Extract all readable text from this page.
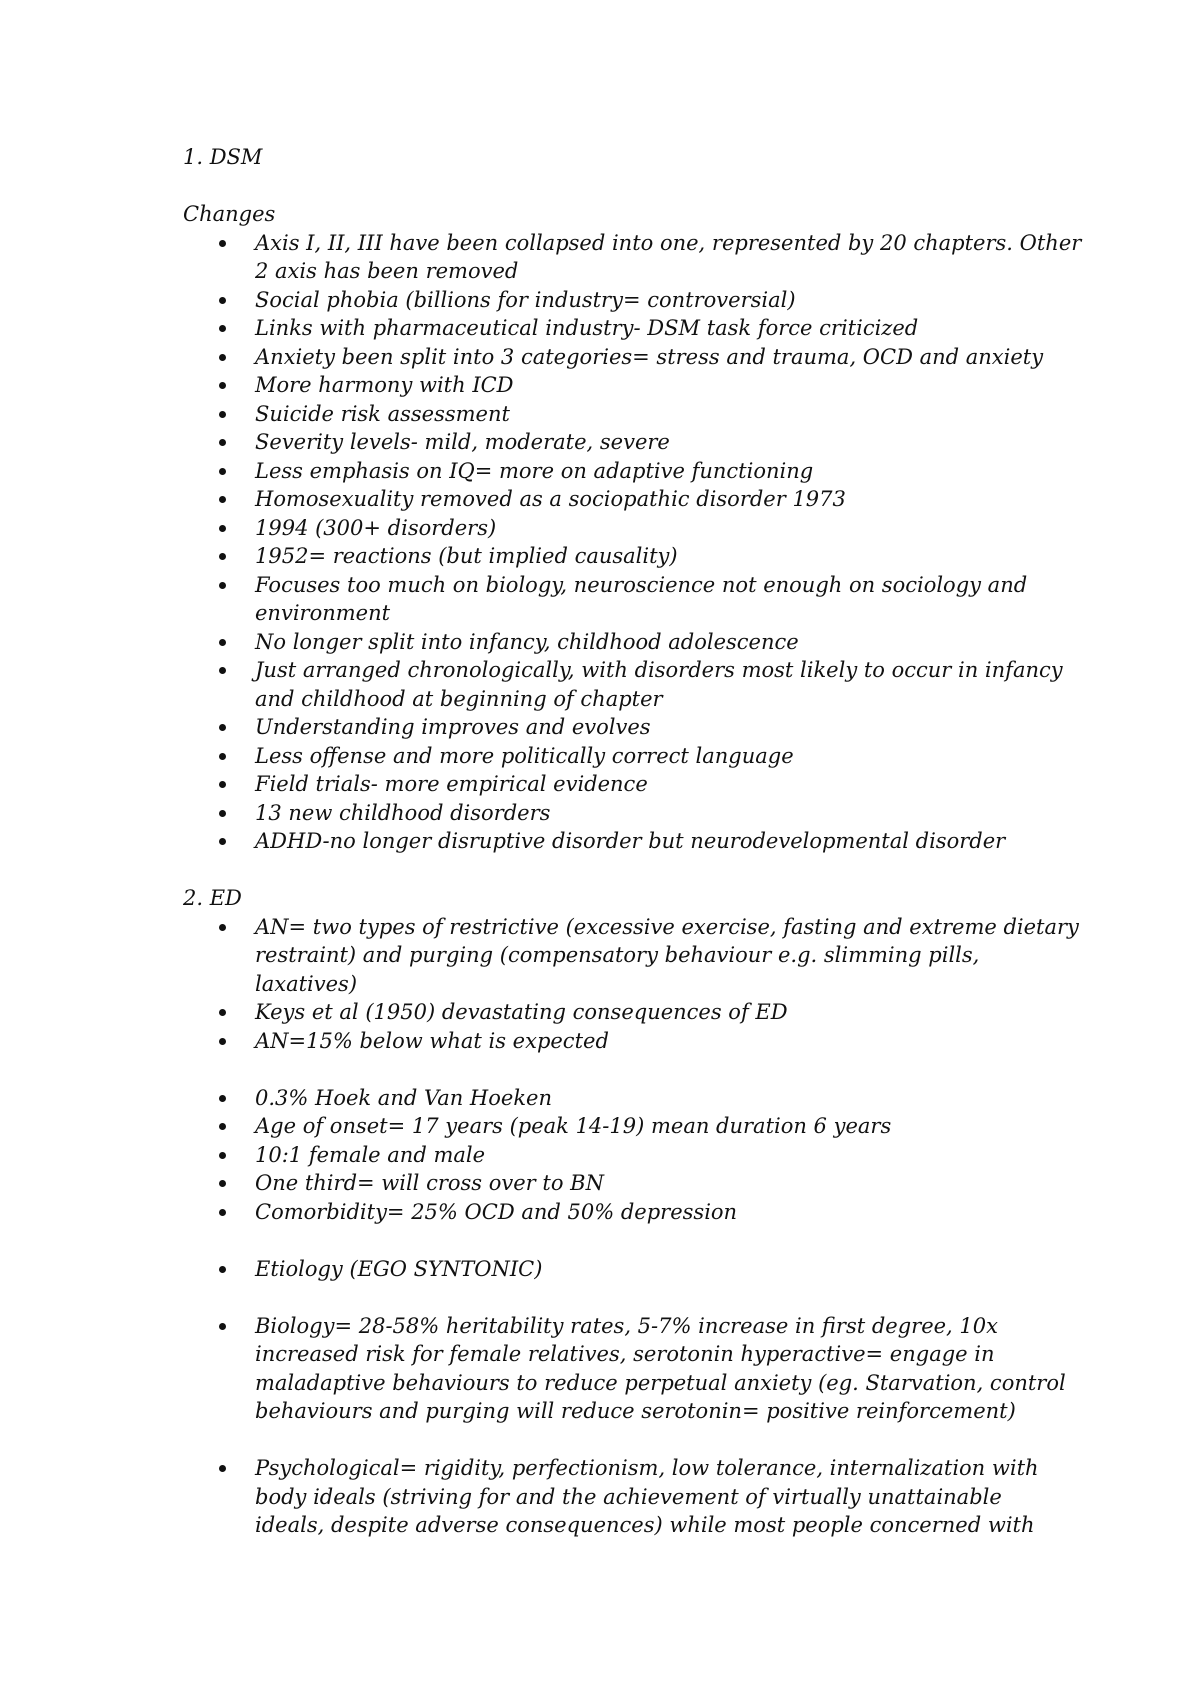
1. DSM

Changes

Axis I, II, III have been collapsed into one, represented by 20 chapters. Other
2 axis has been removed
Social phobia (billions for industry= controversial)
Links with pharmaceutical industry- DSM task force criticized
Anxiety been split into 3 categories= stress and trauma, OCD and anxiety
More harmony with ICD
Suicide risk assessment
Severity levels- mild, moderate, severe
Less emphasis on IQ= more on adaptive functioning
Homosexuality removed as a sociopathic disorder 1973
1994 (300+ disorders)
1952= reactions (but implied causality)
Focuses too much on biology, neuroscience not enough on sociology and
environment
No longer split into infancy, childhood adolescence
Just arranged chronologically, with disorders most likely to occur in infancy
and childhood at beginning of chapter
Understanding improves and evolves
Less offense and more politically correct language
Field trials- more empirical evidence
13 new childhood disorders
ADHD-no longer disruptive disorder but neurodevelopmental disorder

2. ED

AN= two types of restrictive (excessive exercise, fasting and extreme dietary
restraint) and purging (compensatory behaviour e.g. slimming pills,
laxatives)
Keys et al (1950) devastating consequences of ED
AN=15% below what is expected
0.3% Hoek and Van Hoeken
Age of onset= 17 years (peak 14-19) mean duration 6 years
10:1 female and male
One third= will cross over to BN
Comorbidity= 25% OCD and 50% depression
Etiology (EGO SYNTONIC)
Biology= 28-58% heritability rates, 5-7% increase in first degree, 10x
increased risk for female relatives, serotonin hyperactive= engage in
maladaptive behaviours to reduce perpetual anxiety (eg. Starvation, control
behaviours and purging will reduce serotonin= positive reinforcement)
Psychological= rigidity, perfectionism, low tolerance, internalization with
body ideals (striving for and the achievement of virtually unattainable
ideals, despite adverse consequences) while most people concerned with
